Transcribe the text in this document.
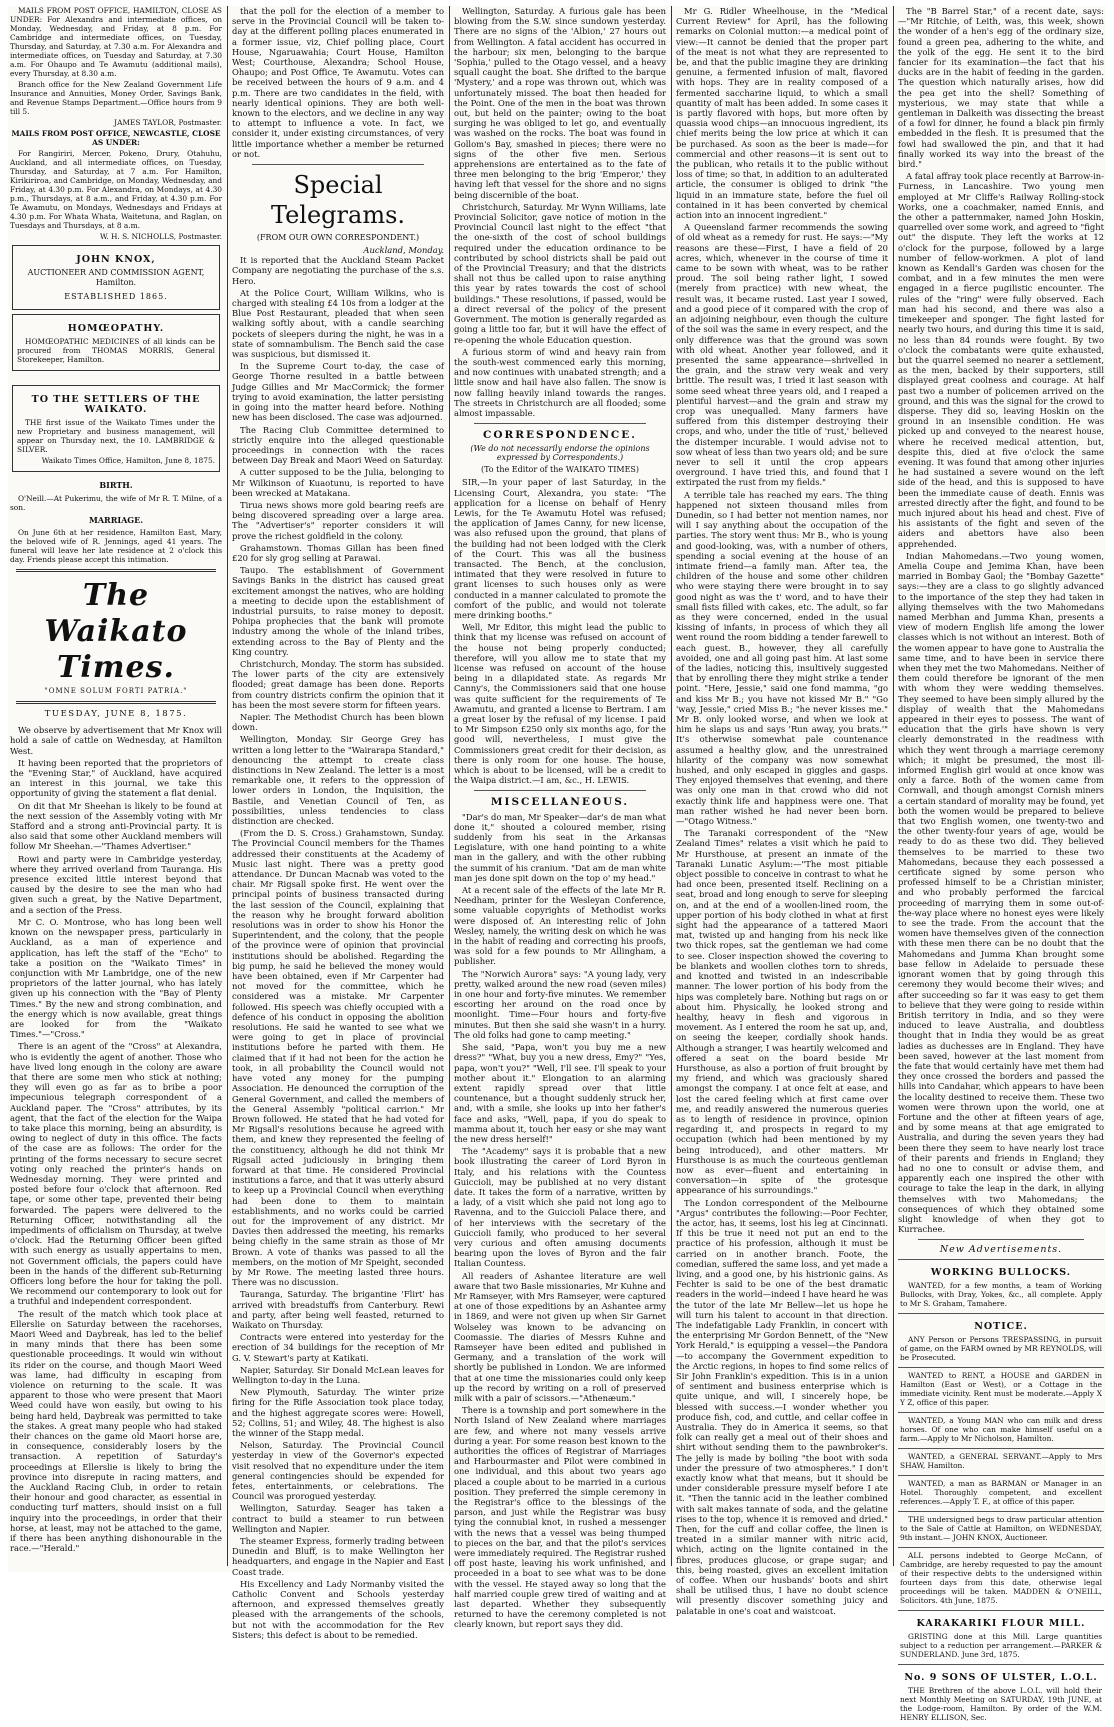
MAILS FROM POST OFFICE, HAMILTON, CLOSE AS UNDER: For Alexandra and intermediate offices, on Monday, Wednesday, and Friday, at 8 p.m. For Cambridge and intermediate offices, on Tuesday, Thursday, and Saturday, at 7.30 a.m. For Alexandra and intermediate offices, on Tuesday and Saturday, at 7.30 a.m. For Ohaupo and Te Awamutu (additional mails), every Thursday, at 8.30 a.m.

Branch office for the New Zealand Government Life Insurance and Annuities, Money Order, Savings Bank, and Revenue Stamps Department.—Office hours from 9 till 5.

JAMES TAYLOR, Postmaster.

MAILS FROM POST OFFICE, NEWCASTLE, CLOSE AS UNDER:

For Rangiriri, Mercer, Pokeno, Drury, Otahuhu, Auckland, and all intermediate offices, on Tuesday, Thursday, and Saturday, at 7 a.m. For Hamilton, Kirikiriroa, and Cambridge, on Monday, Wednesday, and Friday, at 4.30 p.m. For Alexandra, on Mondays, at 4.30 p.m., Thursdays, at 8 a.m., and Friday, at 4.30 p.m. For Te Awamutu, on Mondays, Wednesdays and Fridays at 4.30 p.m. For Whata Whata, Waitetuna, and Raglan, on Tuesdays and Thursdays, at 8 a.m.

W. H. S. NICHOLLS, Postmaster.

JOHN KNOX,
AUCTIONEER AND COMMISSION AGENT, Hamilton.
ESTABLISHED 1865.
HOMŒOPATHY.

HOMŒOPATHIC MEDICINES of all kinds can be procured from THOMAS MORRIS, General Storekeeper, Hamilton.

TO THE SETTLERS OF THE WAIKATO.

THE first issue of the Waikato Times under the new Proprietary and business management, will appear on Thursday next, the 10. LAMBRIDGE & SILVER.

Waikato Times Office, Hamilton, June 8, 1875.

BIRTH.

O'Neill.—At Pukerimu, the wife of Mr R. T. Milne, of a son.

MARRIAGE.

On June 6th at her residence, Hamilton East, Mary, the beloved wife of R. Jennings, aged 41 years. The funeral will leave her late residence at 2 o'clock this day. Friends please accept this intimation.

The Waikato Times.
"OMNE SOLUM FORTI PATRIA."
TUESDAY, JUNE 8, 1875.

We observe by advertisement that Mr Knox will hold a sale of cattle on Wednesday, at Hamilton West.

It having been reported that the proprietors of the "Evening Star," of Auckland, have acquired an interest in this journal, we take this opportunity of giving the statement a flat denial.

On dit that Mr Sheehan is likely to be found at the next session of the Assembly voting with Mr Stafford and a strong anti-Provincial party. It is also said that some other Auckland members will follow Mr Sheehan.—"Thames Advertiser."

Rowi and party were in Cambridge yesterday, where they arrived overland from Tauranga. His presence excited little interest beyond that caused by the desire to see the man who had given such a great, by the Native Department, and a section of the Press.

Mr C. O. Montrose, who has long been well known on the newspaper press, particularly in Auckland, as a man of experience and application, has left the staff of the "Echo" to take a position on the "Waikato Times" in conjunction with Mr Lambridge, one of the new proprietors of the latter journal, who has lately given up his connection with the "Bay of Plenty Times." By the new and strong combination, and the energy which is now available, great things are looked for from the "Waikato Times."—"Cross."

There is an agent of the "Cross" at Alexandra, who is evidently the agent of another. Those who have lived long enough in the colony are aware that there are some men who stick at nothing; they will even go as far as to bribe a poor impecunious telegraph correspondent of a Auckland paper. The "Cross" attributes, by its agent, that the fact of the election for the Waipa to take place this morning, being an absurdity, is owing to neglect of duty in this office. The facts of the case are as follows: The order for the printing of the forms necessary to secure secret voting only reached the printer's hands on Wednesday morning. They were printed and posted before four o'clock that afternoon. Red tape, or some other tape, prevented their being forwarded. The papers were delivered to the Returning Officer, notwithstanding all the impediments of officialism on Thursday, at twelve o'clock. Had the Returning Officer been gifted with such energy as usually appertains to men, not Government officials, the papers could have been in the hands of the different sub-Returning Officers long before the hour for taking the poll. We recommend our contemporary to look out for a truthful and independent correspondent.

The result of the match which took place at Ellerslie on Saturday between the racehorses, Maori Weed and Daybreak, has led to the belief in many minds that there has been some questionable proceedings. It would win without its rider on the course, and though Maori Weed was lame, had difficulty in escaping from violence on returning to the scale. It was apparent to those who were present that Maori Weed could have won easily, but owing to his being hard held, Daybreak was permitted to take the stakes. A great many people who had staked their chances on the game old Maori horse are, in consequence, considerably losers by the transaction. A repetition of Saturday's proceedings at Ellerslie is likely to bring the province into disrepute in racing matters, and the Auckland Racing Club, in order to retain their honour and good character, as essential in conducting turf matters, should insist on a full inquiry into the proceedings, in order that their horse, at least, may not be attached to the game, if there has been anything dishonourable in the race.—"Herald."

that the poll for the election of a member to serve in the Provincial Council will be taken to-day at the different polling places enumerated in a former issue, viz, Chief polling place, Court House, Ngaruawahia; Court House, Hamilton West; Courthouse, Alexandra; School House, Ohaupo; and Post Office, Te Awamutu. Votes can be received between the hours of 9 a.m. and 4 p.m. There are two candidates in the field, with nearly identical opinions. They are both well-known to the electors, and we decline in any way to attempt to influence a vote. In fact, we consider it, under existing circumstances, of very little importance whether a member be returned or not.

Special Telegrams.
(FROM OUR OWN CORRESPONDENT.)
Auckland, Monday.

It is reported that the Auckland Steam Packet Company are negotiating the purchase of the s.s. Hero.

At the Police Court, William Wilkins, who is charged with stealing £4 10s from a lodger at the Blue Post Restaurant, pleaded that when seen walking softly about, with a candle searching pockets of sleepers during the night, he was in a state of somnambulism. The Bench said the case was suspicious, but dismissed it.

In the Supreme Court to-day, the case of George Thorne resulted in a battle between Judge Gillies and Mr MacCormick; the former trying to avoid examination, the latter persisting in going into the matter heard before. Nothing new has been disclosed. The case was adjourned.

The Racing Club Committee determined to strictly enquire into the alleged questionable proceedings in connection with the races between Day Break and Maori Weed on Saturday.

A cutter supposed to be the Julia, belonging to Mr Wilkinson of Kuaotunu, is reported to have been wrecked at Matakana.

Tirua news shows more gold bearing reefs are being discovered spreading over a large area. The "Advertiser's" reporter considers it will prove the richest goldfield in the colony.

Grahamstown. Thomas Gillan has been fined £20 for sly grog selling at Parawai.

Taupo. The establishment of Government Savings Banks in the district has caused great excitement amongst the natives, who are holding a meeting to decide upon the establishment of industrial pursuits, to raise money to deposit. Pohipa prophecies that the bank will promote industry among the whole of the inland tribes, extending across to the Bay of Plenty and the King country.

Christchurch, Monday. The storm has subsided. The lower parts of the city are extensively flooded; great damage has been done. Reports from country districts confirm the opinion that it has been the most severe storm for fifteen years.

Napier. The Methodist Church has been blown down.

Wellington, Monday. Sir George Grey has written a long letter to the "Wairarapa Standard," denouncing the attempt to create class distinctions in New Zealand. The letter is a most remarkable one, it refers to the oppression of lower orders in London, the Inquisition, the Bastile, and Venetian Council of Ten, as possibilities, unless tendencies to class distinction are checked.

(From the D. S. Cross.) Grahamstown, Sunday. The Provincial Council members for the Thames addressed their constituents at the Academy of Music last night. There was a pretty good attendance. Dr Duncan Macnab was voted to the chair. Mr Rigsall spoke first. He went over the principal points of business transacted during the last session of the Council, explaining that the reason why he brought forward abolition resolutions was in order to show his Honor the Superintendent, and the colony, that the people of the province were of opinion that provincial institutions should be abolished. Regarding the big pump, he said he believed the money would have been obtained, even if Mr Carpenter had not moved for the committee, which he considered was a mistake. Mr Carpenter followed. His speech was chiefly occupied with a defence of his conduct in opposing the abolition resolutions. He said he wanted to see what we were going to get in place of provincial institutions before he parted with them. He claimed that if it had not been for the action he took, in all probability the Council would not have voted any money for the pumping Association. He denounced the corruption of the General Government, and called the members of the General Assembly "political carrion." Mr Brown followed. He stated that he had voted for Mr Rigsall's resolutions because he agreed with them, and knew they represented the feeling of the constituency, although he did not think Mr Rigsall acted judiciously in bringing them forward at that time. He considered Provincial institutions a farce, and that it was utterly absurd to keep up a Provincial Council when everything had been done to them to maintain establishments, and no works could be carried out for the improvement of any district. Mr Davies then addressed the meeting, his remarks being chiefly in the same strain as those of Mr Brown. A vote of thanks was passed to all the members, on the motion of Mr Speight, seconded by Mr Rowe. The meeting lasted three hours. There was no discussion.

Tauranga, Saturday. The brigantine 'Flirt' has arrived with breadstuffs from Canterbury. Rewi and party, after being well feasted, returned to Waikato on Thursday.

Contracts were entered into yesterday for the erection of 34 buildings for the reception of Mr G. V. Stewart's party at Katikati.

Napier, Saturday. Sir Donald McLean leaves for Wellington to-day in the Luna.

New Plymouth, Saturday. The winter prize firing for the Rifle Association took place today, and the highest aggregate scores were: Howell, 52; Collins, 51; and Wiley, 48. The highest is also the winner of the Stapp medal.

Nelson, Saturday. The Provincial Council yesterday in view of the Governor's expected visit resolved that no expenditure under the item general contingencies should be expended for fetes, entertainments, or celebrations. The Council was prorogued yesterday.

Wellington, Saturday. Seager has taken a contract to build a steamer to run between Wellington and Napier.

The steamer Express, formerly trading between Dunedin and Bluff, is to make Wellington her headquarters, and engage in the Napier and East Coast trade.

His Excellency and Lady Normanby visited the Catholic Convent and Schools yesterday afternoon, and expressed themselves greatly pleased with the arrangements of the schools, but not with the accommodation for the Rev Sisters; this defect is about to be remedied.

Wellington, Saturday. A furious gale has been blowing from the S.W. since sundown yesterday. There are no signs of the 'Albion,' 27 hours out from Wellington. A fatal accident has occurred in the harbour; six men, belonging to the barque 'Sophia,' pulled to the Otago vessel, and a heavy squall caught the boat. She drifted to the barque 'Mystery,' and a rope was thrown out, which was unfortunately missed. The boat then headed for the Point. One of the men in the boat was thrown out, but held on the painter; owing to the boat surging he was obliged to let go, and eventually was washed on the rocks. The boat was found in Gollom's Bay, smashed in pieces; there were no signs of the other five men. Serious apprehensions are entertained as to the fate of three men belonging to the brig 'Emperor,' they having left that vessel for the shore and no signs being discernible of the boat.

Christchurch, Saturday. Mr Wynn Williams, late Provincial Solicitor, gave notice of motion in the Provincial Council last night to the effect "that the one-sixth of the cost of school buildings required under the education ordinance to be contributed by school districts shall be paid out of the Provincial Treasury; and that the districts shall not thus be called upon to raise anything this year by rates towards the cost of school buildings." These resolutions, if passed, would be a direct reversal of the policy of the present Government. The motion is generally regarded as going a little too far, but it will have the effect of re-opening the whole Education question.

A furious storm of wind and heavy rain from the south-west commenced early this morning, and now continues with unabated strength; and a little snow and hail have also fallen. The snow is now falling heavily inland towards the ranges. The streets in Christchurch are all flooded; some almost impassable.

CORRESPONDENCE.
(We do not necessarily endorse the opinions expressed by Correspondents.)
(To the Editor of the WAIKATO TIMES)

SIR,—In your paper of last Saturday, in the Licensing Court, Alexandra, you state: "The application for a license on behalf of Henry Lewis, for the Te Awamutu Hotel was refused; the application of James Canny, for new license, was also refused upon the ground, that plans of the building had not been lodged with the Clerk of the Court. This was all the business transacted. The Bench, at the conclusion, intimated that they were resolved in future to grant licenses to such houses only as were conducted in a manner calculated to promote the comfort of the public, and would not tolerate mere drinking booths."

Well, Mr Editor, this might lead the public to think that my license was refused on account of the house not being properly conducted; therefore, will you allow me to state that my license was refused on account of the house being in a dilapidated state. As regards Mr Canny's, the Commissioners said that one house was quite sufficient for the requirements of Te Awamutu, and granted a license to Bertram. I am a great loser by the refusal of my license. I paid to Mr Simpson £250 only six months ago, for the good will, nevertheless, I must give the Commissioners great credit for their decision, as there is only room for one house. The house, which is about to be licensed, will be a credit to the Waipa district.—I am, &c., H. LEWIS.

MISCELLANEOUS.

"Dar's do man, Mr Speaker—dar's de man what done it," shouted a coloured member, rising suddenly from his seat in the Arkansas Legislature, with one hand pointing to a white man in the gallery, and with the other rubbing the summit of his cranium. "Dat am de man white man jes done spit down on the top o' my head."

At a recent sale of the effects of the late Mr R. Needham, printer for the Wesleyan Conference, some valuable copyrights of Methodist works were disposed of. An interesting relic of John Wesley, namely, the writing desk on which he was in the habit of reading and correcting his proofs, was sold for a few pounds to Mr Allingham, a publisher.

The "Norwich Aurora" says: "A young lady, very pretty, walked around the new road (seven miles) in one hour and forty-five minutes. We remember escorting her around on the road once by moonlight. Time—Four hours and forty-five minutes. But then she said she wasn't in a hurry. The old folks had gone to camp meeting."

She said, "Papa, won't you buy me a new dress?" "What, buy you a new dress, Emy?" "Yes, papa, won't you?" "Well, I'll see. I'll speak to your mother about it." Elongation to an alarming extent rapidly spread over that little countenance, but a thought suddenly struck her, and, with a smile, she looks up into her father's face and asks, "Well, papa, if you do speak to mamma about it, touch her easy or she may want the new dress herself!"

The "Academy" says it is probable that a new book illustrating the career of Lord Byron in Italy, and his relations with the Countess Guiccioli, may be published at no very distant date. It takes the form of a narrative, written by a lady, of a visit which she paid not long ago to Ravenna, and to the Guiccioli Palace there, and of her interviews with the secretary of the Guiccioli family, who produced to her several very curious and often amusing documents bearing upon the loves of Byron and the fair Italian Countess.

All readers of Ashantee literature are well aware that two Basle missionaries, Mr Kuhne and Mr Ramseyer, with Mrs Ramseyer, were captured at one of those expeditions by an Ashantee army in 1869, and were not given up when Sir Garnet Wolseley was known to be advancing on Coomassie. The diaries of Messrs Kuhne and Ramseyer have been edited and published in Germany, and a translation of the work will shortly be published in London. We are informed that at one time the missionaries could only keep up the record by writing on a roll of preserved milk with a pair of scissors.—"Athenæum."

There is a township and port somewhere in the North Island of New Zealand where marriages are few, and where not many vessels arrive during a year. For some reason best known to the authorities the offices of Registrar of Marriages and Harbourmaster and Pilot were combined in one individual, and this about two years ago placed a couple about to be married in a curious position. They preferred the simple ceremony in the Registrar's office to the blessings of the parson, and just while the Registrar was busy tying the connubial knot, in rushed a messenger with the news that a vessel was being thumped to pieces on the bar, and that the pilot's services were immediately required. The Registrar rushed off post haste, leaving his work unfinished, and proceeded in a boat to see what was to be done with the vessel. He stayed away so long that the half married couple grew tired of waiting and at last departed. Whether they subsequently returned to have the ceremony completed is not clearly known, but report says they did.

Mr G. Ridler Wheelhouse, in the "Medical Current Review" for April, has the following remarks on Colonial mutton:—a medical point of view:—It cannot be denied that the proper part of the meat is not what they are represented to be, and that the public imagine they are drinking genuine, a fermented infusion of malt, flavored with hops. They are in reality composed of a fermented saccharine liquid, to which a small quantity of malt has been added. In some cases it is partly flavored with hops, but more often by quassia wood chips—an innocuous ingredient, its chief merits being the low price at which it can be purchased. As soon as the beer is made—for commercial and other reasons—it is sent out to the publican, who retails it to the public without loss of time; so that, in addition to an adulterated article, the consumer is obliged to drink "the liquid in an immature state, before the fuel oil contained in it has been converted by chemical action into an innocent ingredient."

A Queensland farmer recommends the sowing of old wheat as a remedy for rust. He says:—"My reasons are these—First, I have a field of 20 acres, which, whenever in the course of time it came to be sown with wheat, was to be rather proud. The soil being rather light, I sowed (merely from practice) with new wheat, the result was, it became rusted. Last year I sowed, and a good piece of it compared with the crop of an adjoining neighbour, even though the culture of the soil was the same in every respect, and the only difference was that the ground was sown with old wheat. Another year followed, and it presented the same appearance—shrivelled in the grain, and the straw very weak and very brittle. The result was, I tried it last season with some seed wheat three years old, and I reaped a plentiful harvest—and the grain and straw my crop was unequalled. Many farmers have suffered from this distemper destroying their crops, and who, under the title of 'rust,' believed the distemper incurable. I would advise not to sow wheat of less than two years old; and be sure never to sell it until the crop appears overground. I have tried this, and found that I extirpated the rust from my fields."

A terrible tale has reached my ears. The thing happened not sixteen thousand miles from Dunedin, so I had better not mention names, nor will I say anything about the occupation of the parties. The story went thus: Mr B., who is young and good-looking, was, with a number of others, spending a social evening at the house of an intimate friend—a family man. After tea, the children of the house and some other children who were staying there were brought in to say good night as was the t' word, and to have their small fists filled with cakes, etc. The adult, so far as they were concerned, ended in the usual kissing of infants, in process of which they all went round the room bidding a tender farewell to each guest. B., however, they all carefully avoided, one and all going past him. At last some of the ladies, noticing this, insultively suggested that by enrolling there they might strike a tender point. "Here, Jessie," said one fond mamma, "go and kiss Mr B.; you have not kissed Mr B." "Go 'way, Jessie," cried Miss B.; "he never kisses me." Mr B. only looked worse, and when we look at him he slaps us and says 'Run away, you brats.'" It's otherwise somewhat pale countenance assumed a healthy glow, and the unrestrained hilarity of the company was now somewhat hushed, and only escaped in giggles and gasps. They enjoyed themselves that evening, and there was only one man in that crowd who did not exactly think life and happiness were one. That man rather wished he had never been born.—"Otago Witness."

The Taranaki correspondent of the "New Zealand Times" relates a visit which he paid to Mr Hursthouse, at present an inmate of the Taranaki Lunatic Asylum:—"The most pitiable object possible to conceive in contrast to what he had once been, presented itself. Reclining on a seat, broad and long enough to serve for sleeping on, and at the end of a woollen-lined room, the upper portion of his body clothed in what at first sight had the appearance of a tattered Maori mat, twisted up and hanging from his neck like two thick ropes, sat the gentleman we had come to see. Closer inspection showed the covering to be blankets and woollen clothes torn to shreds, and knotted and twisted in an indescribable manner. The lower portion of his body from the hips was completely bare. Nothing but rags on or about him. Physically, he looked strong and healthy, heavy in flesh and vigorous in movement. As I entered the room he sat up, and, on seeing the keeper, cordially shook hands. Although a stranger, I was heartily welcomed and offered a seat on the board beside Mr Hursthouse, as also a portion of fruit brought by my friend, and which was graciously shared amongst the company. I at once felt at ease, and lost the cared feeling which at first came over me, and readily answered the numerous queries as to length of residence in province, opinion regarding it, and prospects in regard to my occupation (which had been mentioned by my being introduced), and other matters. Mr Hursthouse is as much the courteous gentleman now as ever—fluent and entertaining in conversation—in spite of the grotesque appearance of his surroundings."

The London correspondent of the Melbourne "Argus" contributes the following:—Poor Fechter, the actor, has, it seems, lost his leg at Cincinnati. If this be true it need not put an end to the practice of his profession, although it must be carried on in another branch. Foote, the comedian, suffered the same loss, and yet made a living, and a good one, by his histrionic gains. As Fechter is said to be one of the best dramatic readers in the world—indeed I have heard he was the tutor of the late Mr Bellew—let us hope he will turn his talent to account in that direction. The indefatigable Lady Franklin, in concert with the enterprising Mr Gordon Bennett, of the "New York Herald," is equipping a vessel—the Pandora—to accompany the Government expedition to the Arctic regions, in hopes to find some relics of Sir John Franklin's expedition. This is in a union of sentiment and business enterprise which is quite unique, and will, I sincerely hope, be blessed with success.—I wonder whether you produce fish, cod, and cuttle, and cellar coffee in Australia. They do in America it seems, so that folk can really get a meal out of their shoes and shirt without sending them to the pawnbroker's. The jelly is made by boiling "the boot with soda under the pressure of two atmospheres." I don't exactly know what that means, but it should be under considerable pressure myself before I ate it. "Then the tannic acid in the leather combined with salt makes tannate of soda, and the gelatine rises to the top, whence it is removed and dried." Then, for the cuff and collar coffee, the linen is treated in a similar manner with nitric acid, which, acting on the lignite contained in the fibres, produces glucose, or grape sugar; and this, being roasted, gives an excellent imitation of coffee. When our husbands' boots and shirt shall be utilised thus, I have no doubt science will presently discover something juicy and palatable in one's coat and waistcoat.

The "B Barrel Star," of a recent date, says:—"Mr Ritchie, of Leith, was, this week, shown the wonder of a hen's egg of the ordinary size, found a green pea, adhering to the white, and the yolk of the egg. He sent it to the bird fancier for its examination—the fact that his ducks are in the habit of feeding in the garden. The question which naturally arises, how did the pea get into the shell? Something of mysterious, we may state that while a gentleman in Dalkeith was dissecting the breast of a fowl for dinner, he found a black pin firmly embedded in the flesh. It is presumed that the fowl had swallowed the pin, and that it had finally worked its way into the breast of the bird."

A fatal affray took place recently at Barrow-in-Furness, in Lancashire. Two young men employed at Mr Cliffe's Railway Rolling-stock Works, one a coachmaker, named Ennis, and the other a patternmaker, named John Hoskin, quarrelled over some work, and agreed to "fight out" the dispute. They left the works at 12 o'clock for the purpose, followed by a large number of fellow-workmen. A plot of land known as Kendall's Garden was chosen for the combat, and in a few minutes the men were engaged in a fierce pugilistic encounter. The rules of the "ring" were fully observed. Each man had his second, and there was also a timekeeper and sponger. The fight lasted for nearly two hours, and during this time it is said, no less than 84 rounds were fought. By two o'clock the combatants were quite exhausted, but the quarrel seemed no nearer a settlement, as the men, backed by their supporters, still displayed great coolness and courage. At half past two a number of policemen arrived on the ground, and this was the signal for the crowd to disperse. They did so, leaving Hoskin on the ground in an insensible condition. He was picked up and conveyed to the nearest house, where he received medical attention, but, despite this, died at five o'clock the same evening. It was found that among other injuries he had sustained a severe wound on the left side of the head, and this is supposed to have been the immediate cause of death. Ennis was arrested directly after the fight, and found to be much injured about his head and chest. Five of his assistants of the fight and seven of the aiders and abettors have also been apprehended.

Indian Mahomedans.—Two young women, Amelia Coupe and Jemima Khan, have been married in Bombay Gaol; the "Bombay Gazette" says:—they are a class to go slightly advanced to the importance of the step they had taken in allying themselves with the two Mahomedans named Merbhan and Jumma Khan, presents a view of modern English life among the lower classes which is not without an interest. Both of the women appear to have gone to Australia the same time, and to have been in service there when they met the two Mahomedans. Neither of them could therefore be ignorant of the men with whom they were wedding themselves. They seemed to have been simply allured by the display of wealth that the Mahomedans appeared in their eyes to possess. The want of education that the girls have shown is very clearly demonstrated in the readiness with which they went through a marriage ceremony which; it might be presumed, the most ill-informed English girl would at once know was only a farce. Both of the women came from Cornwall, and though amongst Cornish miners a certain standard of morality may be found, yet both the women would be prepared to believe that two English women, one twenty-two and the other twenty-four years of age, would be ready to do as these two did. They believed themselves to be married to these two Mahomedans, because they each possessed a certificate signed by some person who professed himself to be a Christian minister, and who probably performed the farcical proceeding of marrying them in some out-of-the-way place where no honest eyes were likely to see the trade. From the account that the women have themselves given of the connection with these men there can be no doubt that the Mahomedans and Jumma Khan brought some base fellow in Adelaide to persuade these ignorant women that by going through this ceremony they would become their wives; and after succeeding so far it was easy to get them to believe that they were going to reside within British territory in India, and so they were induced to leave Australia, and doubtless thought that in India they would be as great ladies as duchesses are in England. They have been saved, however at the last moment from the fate that would certainly have met them had they once crossed the borders and passed the hills into Candahar, which appears to have been the locality destined to receive them. These two women were thrown upon the world, one at Fortune and the other at fifteen years of age, and by some means at that age emigrated to Australia, and during the seven years they had been there they seem to have nearly lost trace of their parents and friends in England; they had no one to consult or advise them, and apparently each one inspired the other with courage to take the leap in the dark, in allying themselves with two Mahomedans; the consequences of which they obtained some slight knowledge of when they got to Kurrachee.

New Advertisements.
WORKING BULLOCKS.

WANTED, for a few months, a team of Working Bullocks, with Dray, Yokes, &c., all complete. Apply to Mr S. Graham, Tamahere.

NOTICE.

ANY Person or Persons TRESPASSING, in pursuit of game, on the FARM owned by MR REYNOLDS, will be Prosecuted.

WANTED to RENT, a HOUSE and GARDEN in Hamilton (East or West), or a Cottage in the immediate vicinity. Rent must be moderate.—Apply X Y Z, office of this paper.

WANTED, a Young MAN who can milk and dress horses. Of one who can make himself useful on a farm.—Apply to Mr Nicholson, Hamilton.

WANTED, a GENERAL SERVANT.—Apply to Mrs SHAW, Hamilton.

WANTED, a man as BARMAN or Manager in an Hotel. Thoroughly competent, and excellent references.—Apply T. F., at office of this paper.

THE undersigned begs to draw particular attention to the Sale of Cattle at Hamilton, on WEDNESDAY, 9th instant.— JOHN KNOX, Auctioneer.

ALL persons indebted to George McCann, of Cambridge, are hereby requested to pay the amount of their respective debts to the undersigned within fourteen days from this date, otherwise legal proceedings will be taken. MADDEN & O'NEILL, Solicitors. 4th June, 1875.

KARAKARIKI FLOUR MILL.

GRISTING done at this Mill. Large quantities subject to a reduction per arrangement.—PARKER & SUNDERLAND. June 3rd, 1875.

No. 9 SONS OF ULSTER, L.O.L.

THE Brethren of the above L.O.L. will hold their next Monthly Meeting on SATURDAY, 19th JUNE, at the Lodge-room, Hamilton. By order of the W.M. HENRY ELLISON, Sec.
